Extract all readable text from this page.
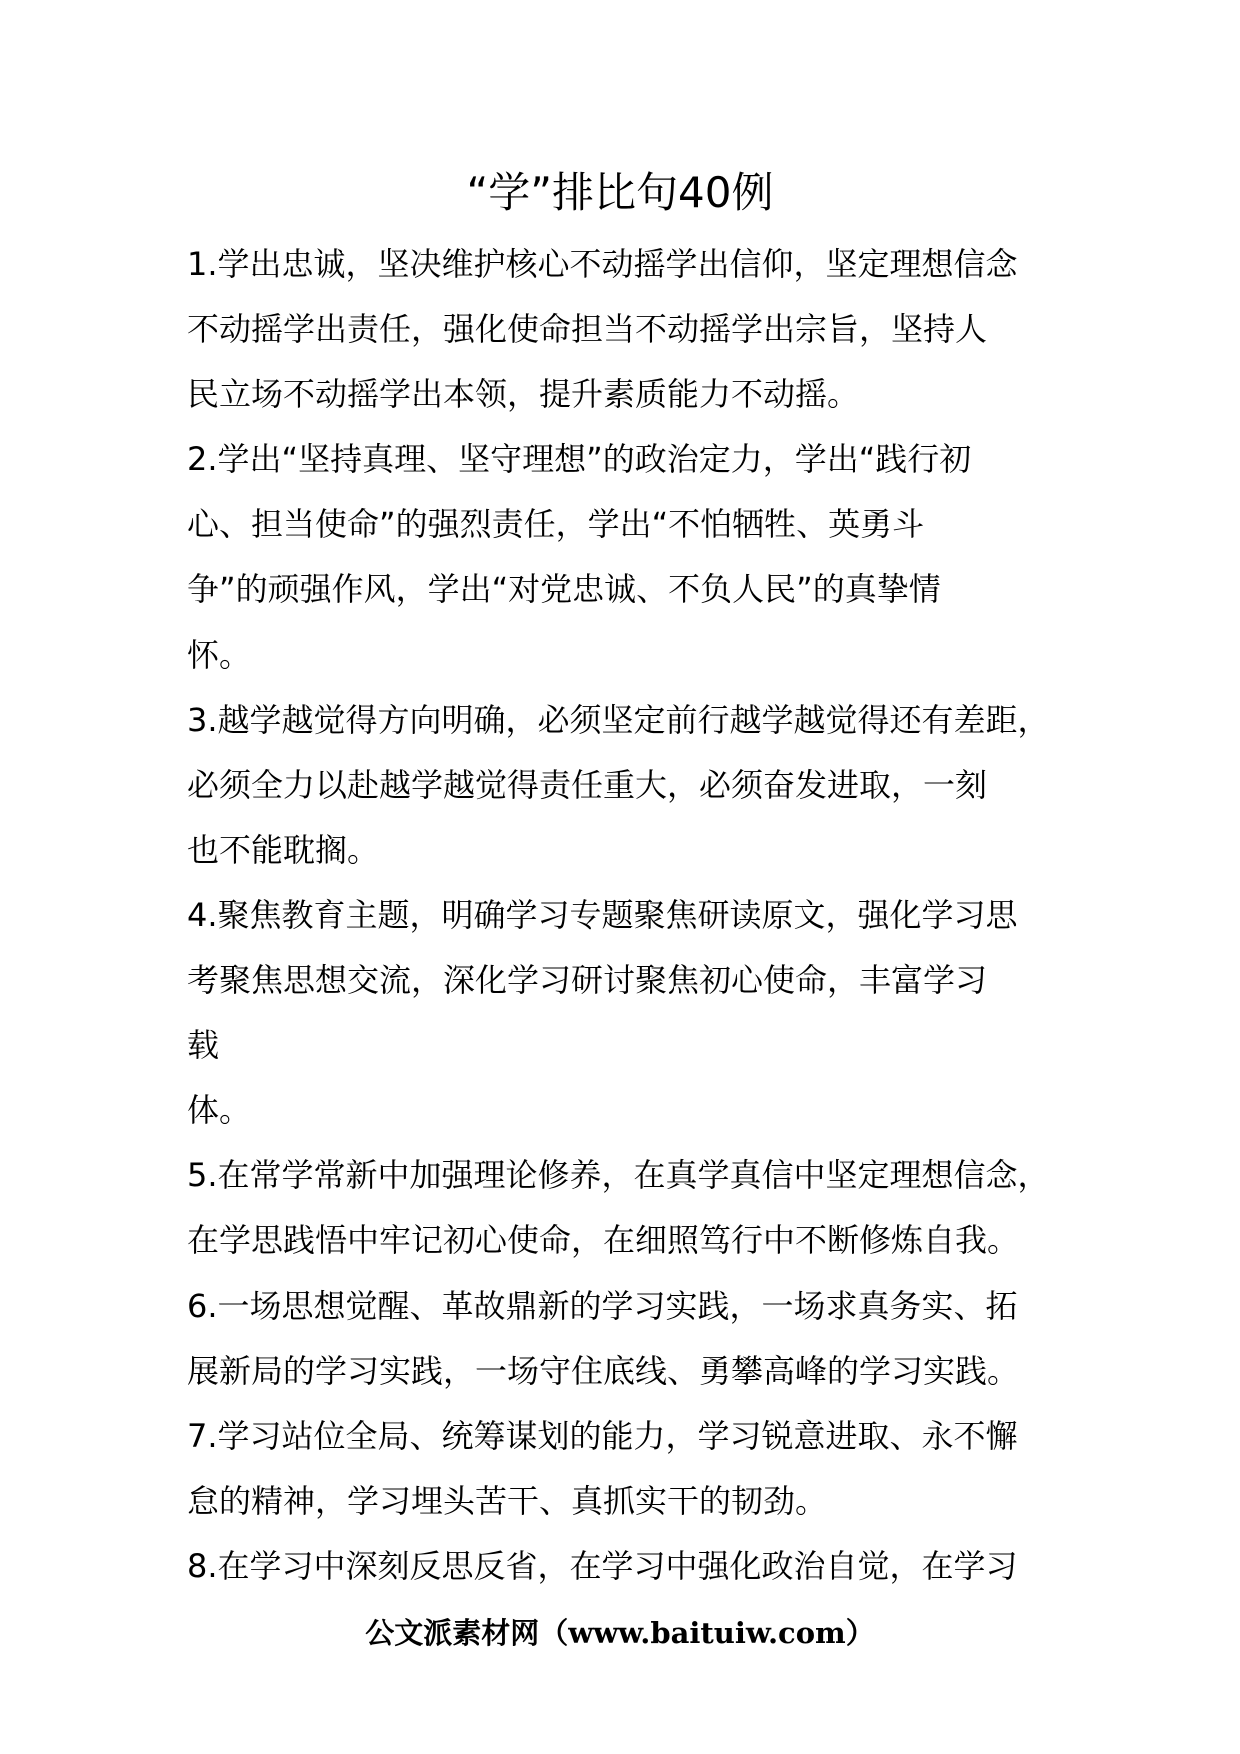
“学”排比句40例
1.学出忠诚，坚决维护核心不动摇学出信仰，坚定理想信念
不动摇学出责任，强化使命担当不动摇学出宗旨，坚持人
民立场不动摇学出本领，提升素质能力不动摇。
2.学出“坚持真理、坚守理想”的政治定力，学出“践行初
心、担当使命”的强烈责任，学出“不怕牺牲、英勇斗
争”的顽强作风，学出“对党忠诚、不负人民”的真挚情
怀。
3.越学越觉得方向明确，必须坚定前行越学越觉得还有差距，
必须全力以赴越学越觉得责任重大，必须奋发进取，一刻
也不能耽搁。
4.聚焦教育主题，明确学习专题聚焦研读原文，强化学习思
考聚焦思想交流，深化学习研讨聚焦初心使命，丰富学习
载
体。
5.在常学常新中加强理论修养，在真学真信中坚定理想信念，
在学思践悟中牢记初心使命，在细照笃行中不断修炼自我。
6.一场思想觉醒、革故鼎新的学习实践，一场求真务实、拓
展新局的学习实践，一场守住底线、勇攀高峰的学习实践。
7.学习站位全局、统筹谋划的能力，学习锐意进取、永不懈
怠的精神，学习埋头苦干、真抓实干的韧劲。
8.在学习中深刻反思反省，在学习中强化政治自觉，在学习
公文派素材网（www.baituiw.com）
